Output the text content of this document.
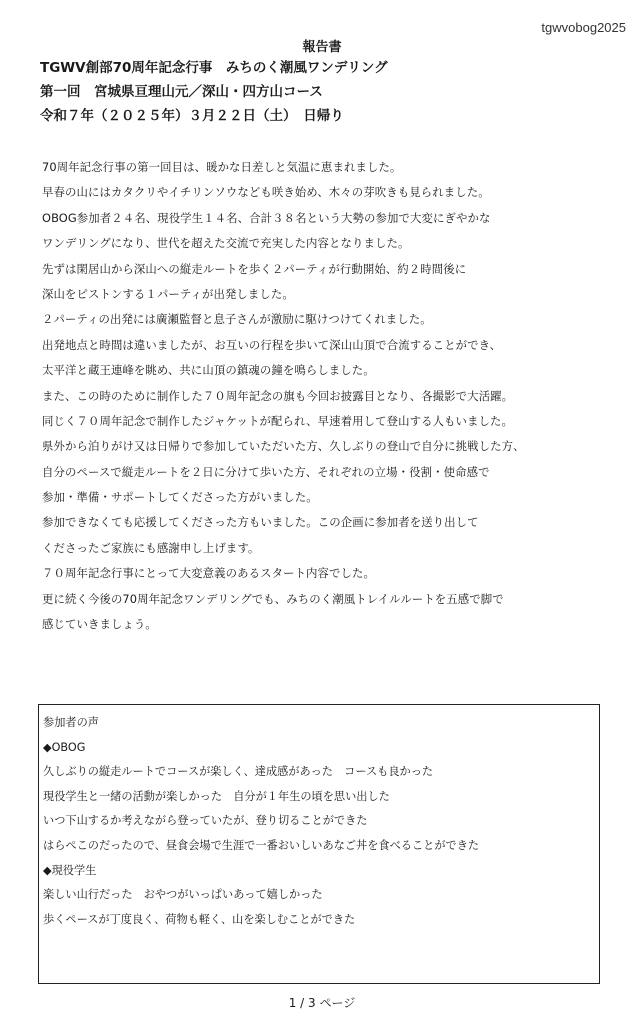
tgwvobog2025
報告書
TGWV創部70周年記念行事　みちのく潮風ワンデリング
第一回　宮城県亘理山元／深山・四方山コース
令和７年（２０２５年）３月２２日（土）　日帰り
70周年記念行事の第一回目は、暖かな日差しと気温に恵まれました。
早春の山にはカタクリやイチリンソウなども咲き始め、木々の芽吹きも見られました。
OBOG参加者２４名、現役学生１４名、合計３８名という大勢の参加で大変にぎやかな
ワンデリングになり、世代を超えた交流で充実した内容となりました。
先ずは閑居山から深山への縦走ルートを歩く２パーティが行動開始、約２時間後に
深山をピストンする１パーティが出発しました。
２パーティの出発には廣瀬監督と息子さんが激励に駆けつけてくれました。
出発地点と時間は違いましたが、お互いの行程を歩いて深山山頂で合流することができ、
太平洋と蔵王連峰を眺め、共に山頂の鎮魂の鐘を鳴らしました。
また、この時のために制作した７０周年記念の旗も今回お披露目となり、各撮影で大活躍。
同じく７０周年記念で制作したジャケットが配られ、早速着用して登山する人もいました。
県外から泊りがけ又は日帰りで参加していただいた方、久しぶりの登山で自分に挑戦した方、
自分のペースで縦走ルートを２日に分けて歩いた方、それぞれの立場・役割・使命感で
参加・準備・サポートしてくださった方がいました。
参加できなくても応援してくださった方もいました。この企画に参加者を送り出して
くださったご家族にも感謝申し上げます。
７０周年記念行事にとって大変意義のあるスタート内容でした。
更に続く今後の70周年記念ワンデリングでも、みちのく潮風トレイルルートを五感で脚で
感じていきましょう。
参加者の声
◆OBOG
久しぶりの縦走ルートでコースが楽しく、達成感があった　コースも良かった
現役学生と一緒の活動が楽しかった　自分が１年生の頃を思い出した
いつ下山するか考えながら登っていたが、登り切ることができた
はらぺこのだったので、昼食会場で生涯で一番おいしいあなご丼を食べることができた
◆現役学生
楽しい山行だった　おやつがいっぱいあって嬉しかった
歩くペースが丁度良く、荷物も軽く、山を楽しむことができた
1 / 3 ページ
